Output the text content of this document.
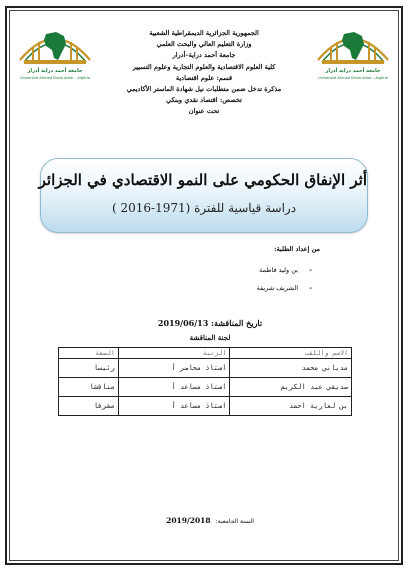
جامعة أحمد دراية أدرار
Université Ahmed Draia Adrar - Algérie
جامعة أحمد دراية أدرار
Université Ahmed Draia Adrar - Algérie
الجمهورية الجزائرية الديمقراطية الشعبية
وزارة التعليم العالي والبحث العلمي
جامعة أحمد دراية–أدرار
كلية العلوم الاقتصادية والعلوم التجارية وعلوم التسيير
قسم: علوم اقتصادية
مذكرة تدخل ضمن متطلبات نيل شهادة الماستر الأكاديمي
تخصص: اقتصاد نقدي وبنكي
تحت عنوان
أثر الإنفاق الحكومي على النمو الاقتصادي في الجزائر
دراسة قياسية للفترة (1971-2016 )
من إعداد الطلبة:
-
بن وليد فاطمة
-
الشريف شريفة
تاريخ المناقشة: 2019/06/13
لجنة المناقشة
الاسم واللقب	الرتبة	الصفة
مدياني محمد	استاذ محاضر أ	رئيسا
صديقي عبد الكريم	استاذ مساعد أ	مناقشا
بن لعارية احمد	استاذ مساعد أ	مشرفا
السنة الجامعية: 2019/2018
